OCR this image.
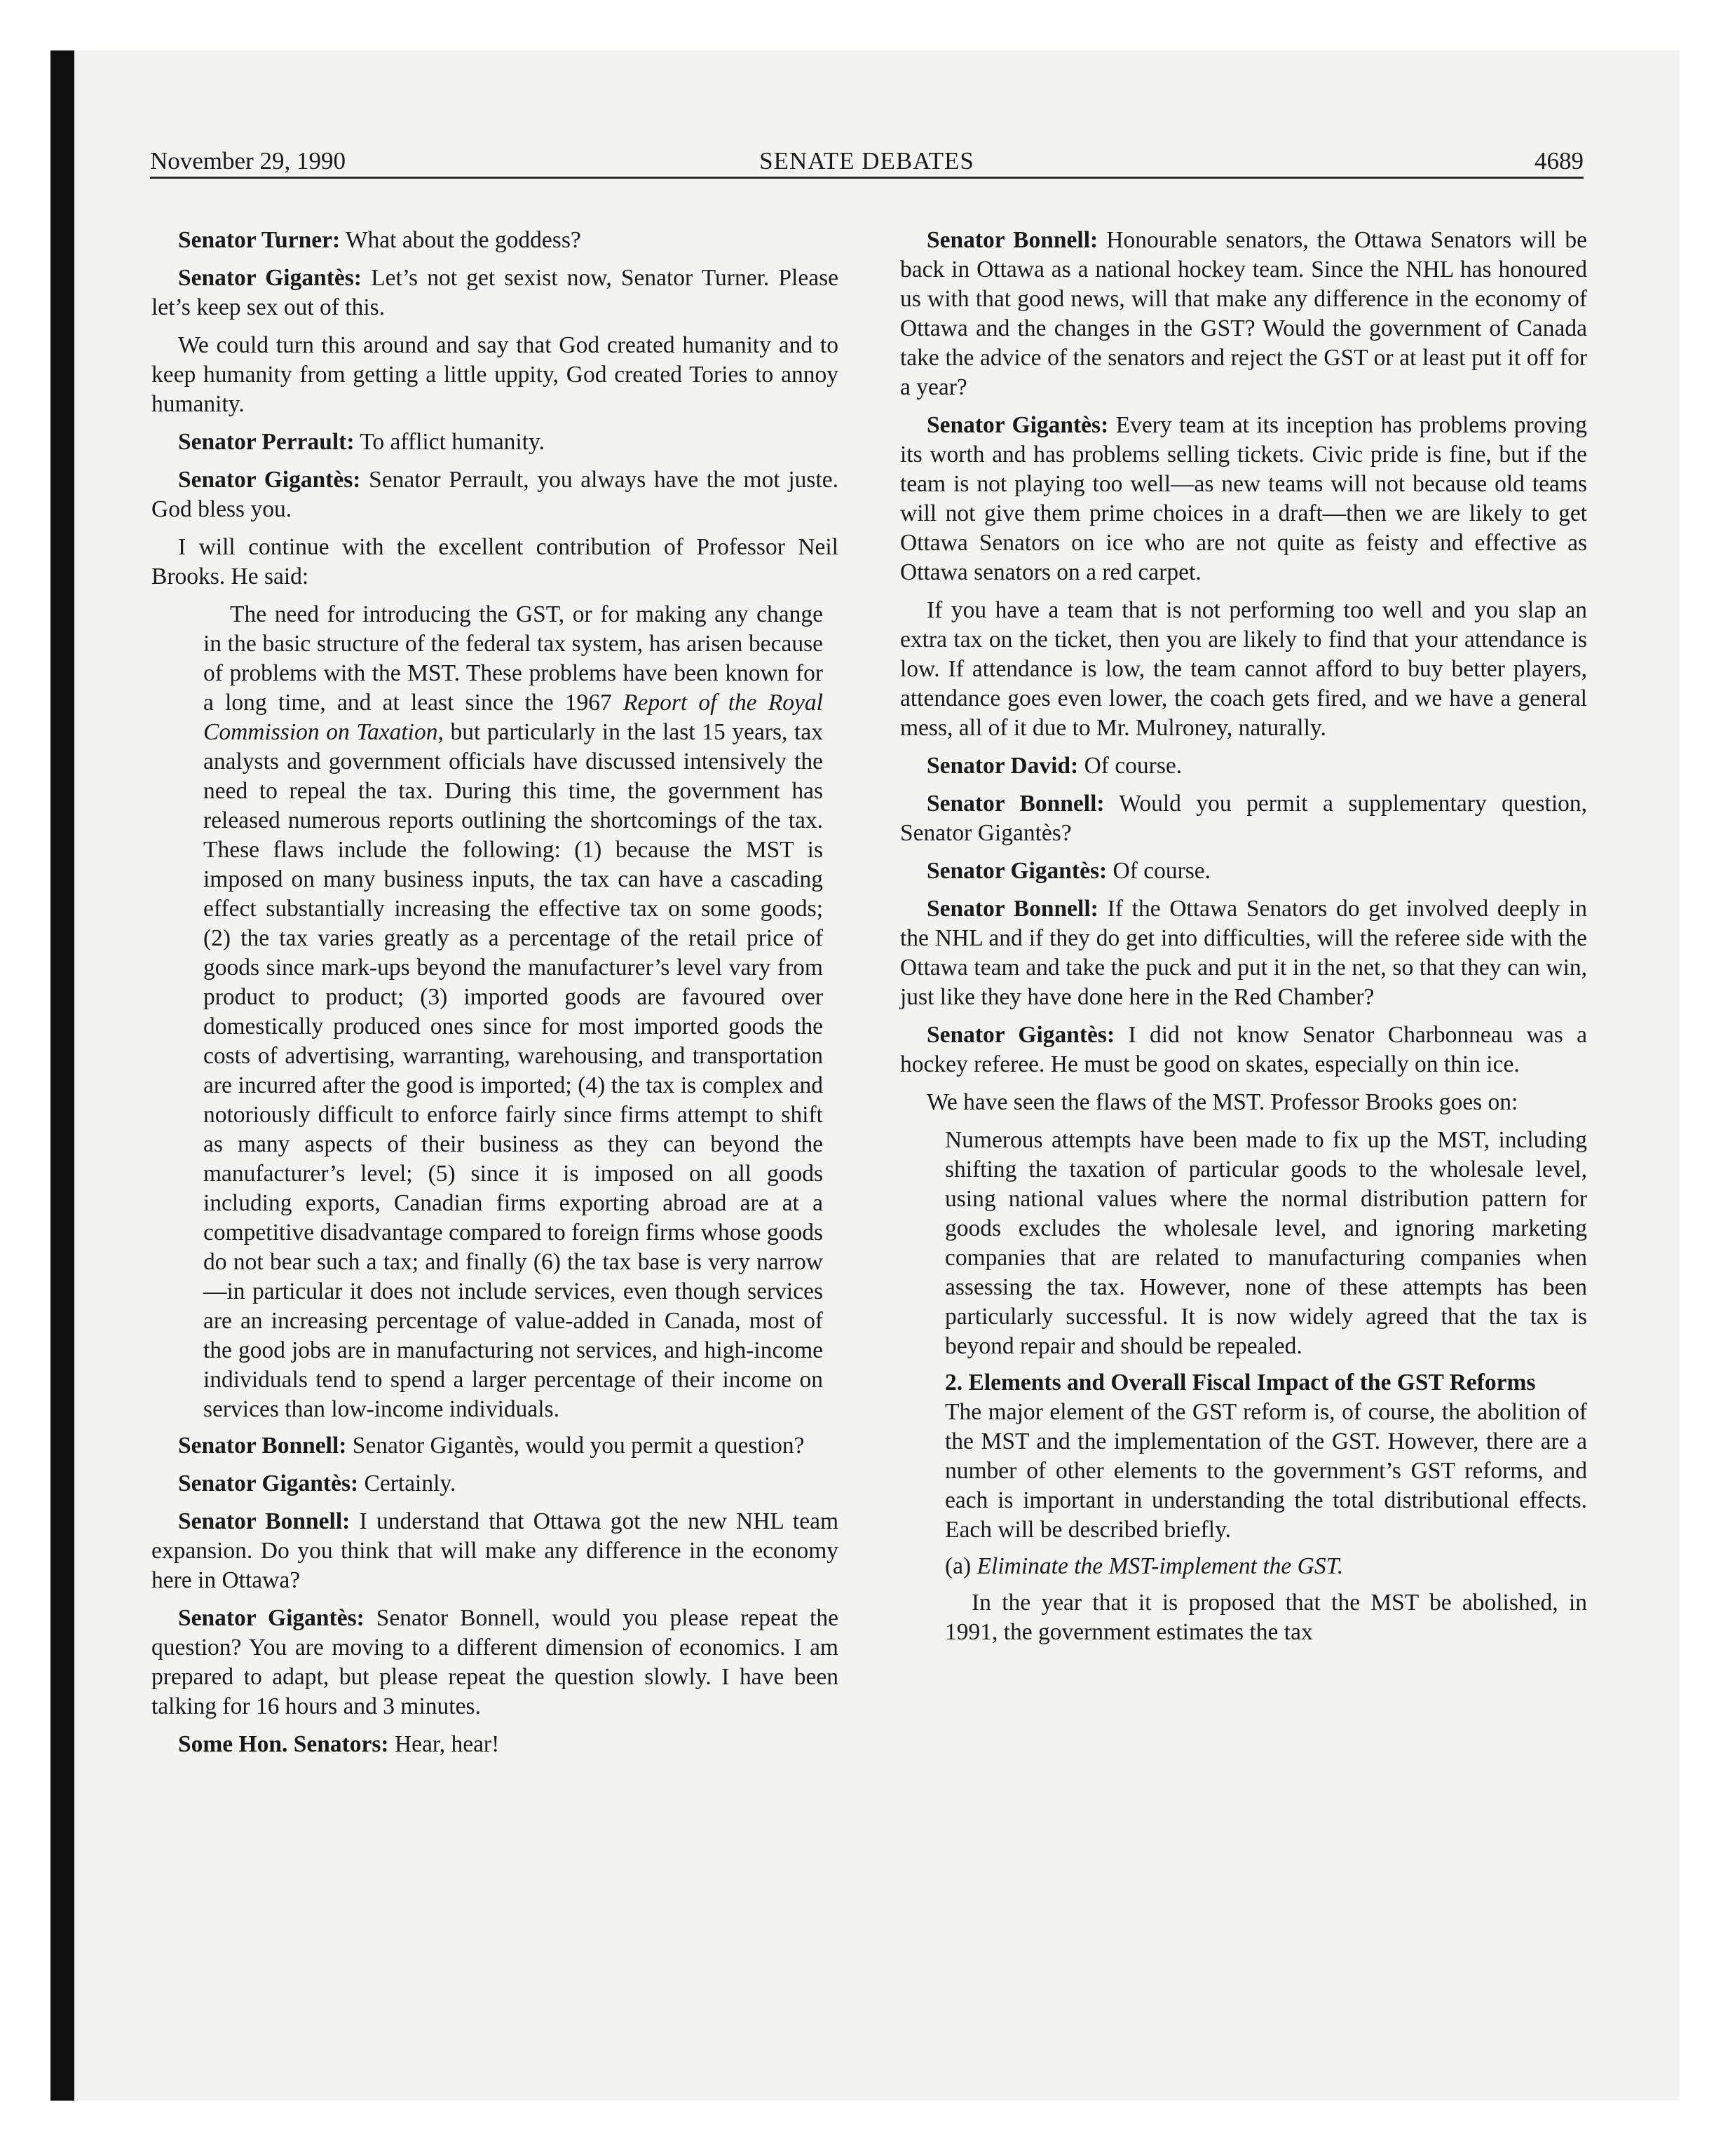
November 29, 1990	SENATE DEBATES	4689

Senator Turner: What about the goddess?

Senator Gigantès: Let’s not get sexist now, Senator Turner. Please let’s keep sex out of this.

We could turn this around and say that God created humanity and to keep humanity from getting a little uppity, God created Tories to annoy humanity.

Senator Perrault: To afflict humanity.

Senator Gigantès: Senator Perrault, you always have the mot juste. God bless you.

I will continue with the excellent contribution of Professor Neil Brooks. He said:

The need for introducing the GST, or for making any change in the basic structure of the federal tax system, has arisen because of problems with the MST. These problems have been known for a long time, and at least since the 1967 Report of the Royal Commission on Taxation, but particularly in the last 15 years, tax analysts and government officials have discussed intensively the need to repeal the tax. During this time, the government has released numerous reports outlining the shortcomings of the tax. These flaws include the following: (1) because the MST is imposed on many business inputs, the tax can have a cascading effect substantially increasing the effective tax on some goods; (2) the tax varies greatly as a percentage of the retail price of goods since mark-ups beyond the manufacturer’s level vary from product to product; (3) imported goods are favoured over domestically produced ones since for most imported goods the costs of advertising, warranting, warehousing, and transportation are incurred after the good is imported; (4) the tax is complex and notoriously difficult to enforce fairly since firms attempt to shift as many aspects of their business as they can beyond the manufacturer’s level; (5) since it is imposed on all goods including exports, Canadian firms exporting abroad are at a competitive disadvantage compared to foreign firms whose goods do not bear such a tax; and finally (6) the tax base is very narrow—in particular it does not include services, even though services are an increasing percentage of value-added in Canada, most of the good jobs are in manufacturing not services, and high-income individuals tend to spend a larger percentage of their income on services than low-income individuals.

Senator Bonnell: Senator Gigantès, would you permit a question?

Senator Gigantès: Certainly.

Senator Bonnell: I understand that Ottawa got the new NHL team expansion. Do you think that will make any difference in the economy here in Ottawa?

Senator Gigantès: Senator Bonnell, would you please repeat the question? You are moving to a different dimension of economics. I am prepared to adapt, but please repeat the question slowly. I have been talking for 16 hours and 3 minutes.

Some Hon. Senators: Hear, hear!

Senator Bonnell: Honourable senators, the Ottawa Senators will be back in Ottawa as a national hockey team. Since the NHL has honoured us with that good news, will that make any difference in the economy of Ottawa and the changes in the GST? Would the government of Canada take the advice of the senators and reject the GST or at least put it off for a year?

Senator Gigantès: Every team at its inception has problems proving its worth and has problems selling tickets. Civic pride is fine, but if the team is not playing too well—as new teams will not because old teams will not give them prime choices in a draft—then we are likely to get Ottawa Senators on ice who are not quite as feisty and effective as Ottawa senators on a red carpet.

If you have a team that is not performing too well and you slap an extra tax on the ticket, then you are likely to find that your attendance is low. If attendance is low, the team cannot afford to buy better players, attendance goes even lower, the coach gets fired, and we have a general mess, all of it due to Mr. Mulroney, naturally.

Senator David: Of course.

Senator Bonnell: Would you permit a supplementary question, Senator Gigantès?

Senator Gigantès: Of course.

Senator Bonnell: If the Ottawa Senators do get involved deeply in the NHL and if they do get into difficulties, will the referee side with the Ottawa team and take the puck and put it in the net, so that they can win, just like they have done here in the Red Chamber?

Senator Gigantès: I did not know Senator Charbonneau was a hockey referee. He must be good on skates, especially on thin ice.

We have seen the flaws of the MST. Professor Brooks goes on:

Numerous attempts have been made to fix up the MST, including shifting the taxation of particular goods to the wholesale level, using national values where the normal distribution pattern for goods excludes the wholesale level, and ignoring marketing companies that are related to manufacturing companies when assessing the tax. However, none of these attempts has been particularly successful. It is now widely agreed that the tax is beyond repair and should be repealed.

2. Elements and Overall Fiscal Impact of the GST Reforms

The major element of the GST reform is, of course, the abolition of the MST and the implementation of the GST. However, there are a number of other elements to the government’s GST reforms, and each is important in understanding the total distributional effects. Each will be described briefly.

(a) Eliminate the MST-implement the GST.

In the year that it is proposed that the MST be abolished, in 1991, the government estimates the tax
